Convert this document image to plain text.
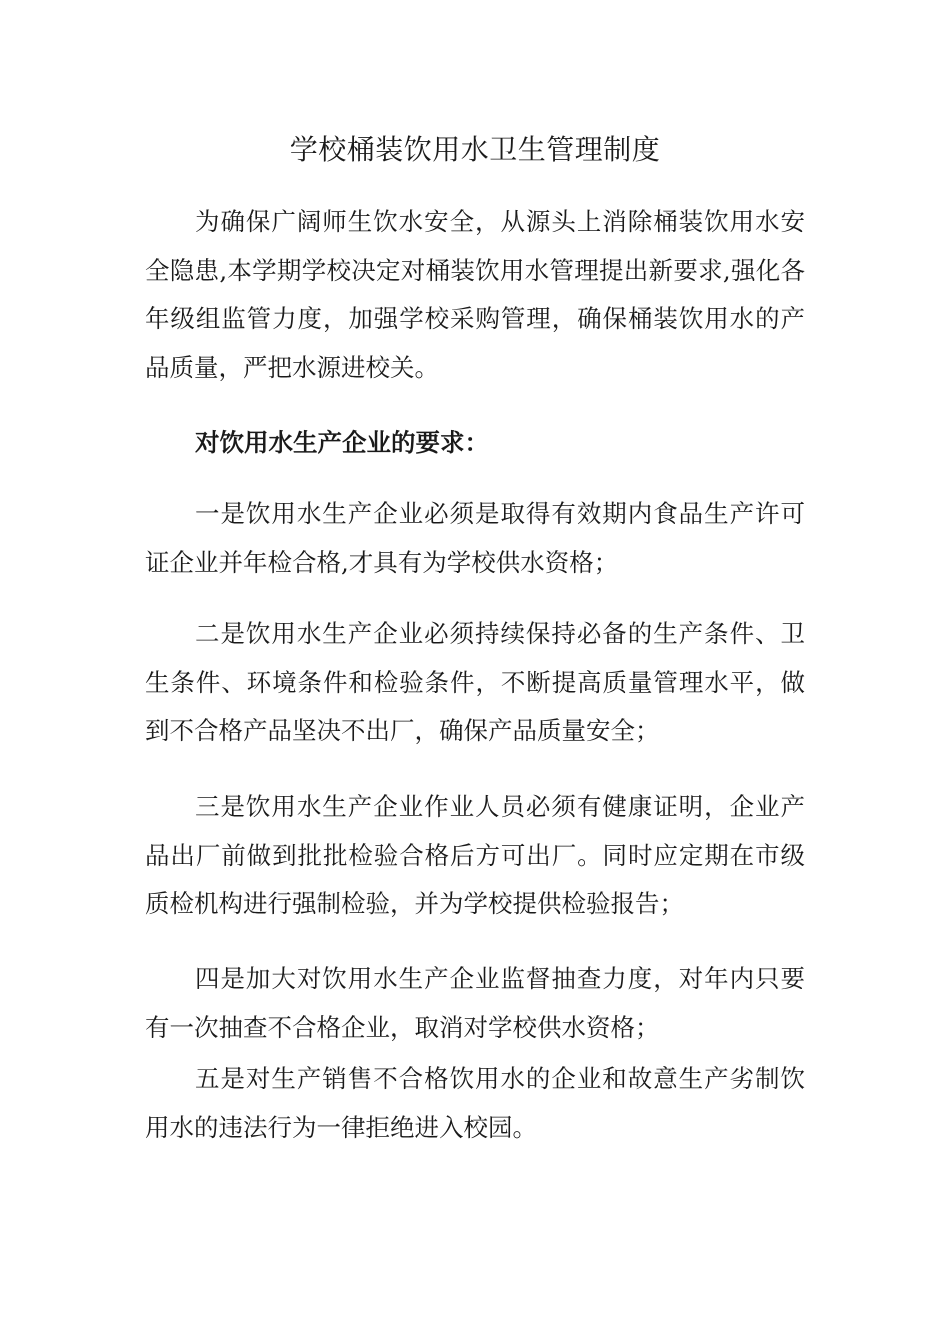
学校桶装饮用水卫生管理制度

为确保广阔师生饮水安全，从源头上消除桶装饮用水安全隐患,本学期学校决定对桶装饮用水管理提出新要求,强化各年级组监管力度，加强学校采购管理，确保桶装饮用水的产品质量，严把水源进校关。

对饮用水生产企业的要求：

一是饮用水生产企业必须是取得有效期内食品生产许可证企业并年检合格,才具有为学校供水资格；

二是饮用水生产企业必须持续保持必备的生产条件、卫生条件、环境条件和检验条件，不断提高质量管理水平，做到不合格产品坚决不出厂，确保产品质量安全；

三是饮用水生产企业作业人员必须有健康证明，企业产品出厂前做到批批检验合格后方可出厂。同时应定期在市级质检机构进行强制检验，并为学校提供检验报告；

四是加大对饮用水生产企业监督抽查力度，对年内只要有一次抽查不合格企业，取消对学校供水资格；

五是对生产销售不合格饮用水的企业和故意生产劣制饮用水的违法行为一律拒绝进入校园。
